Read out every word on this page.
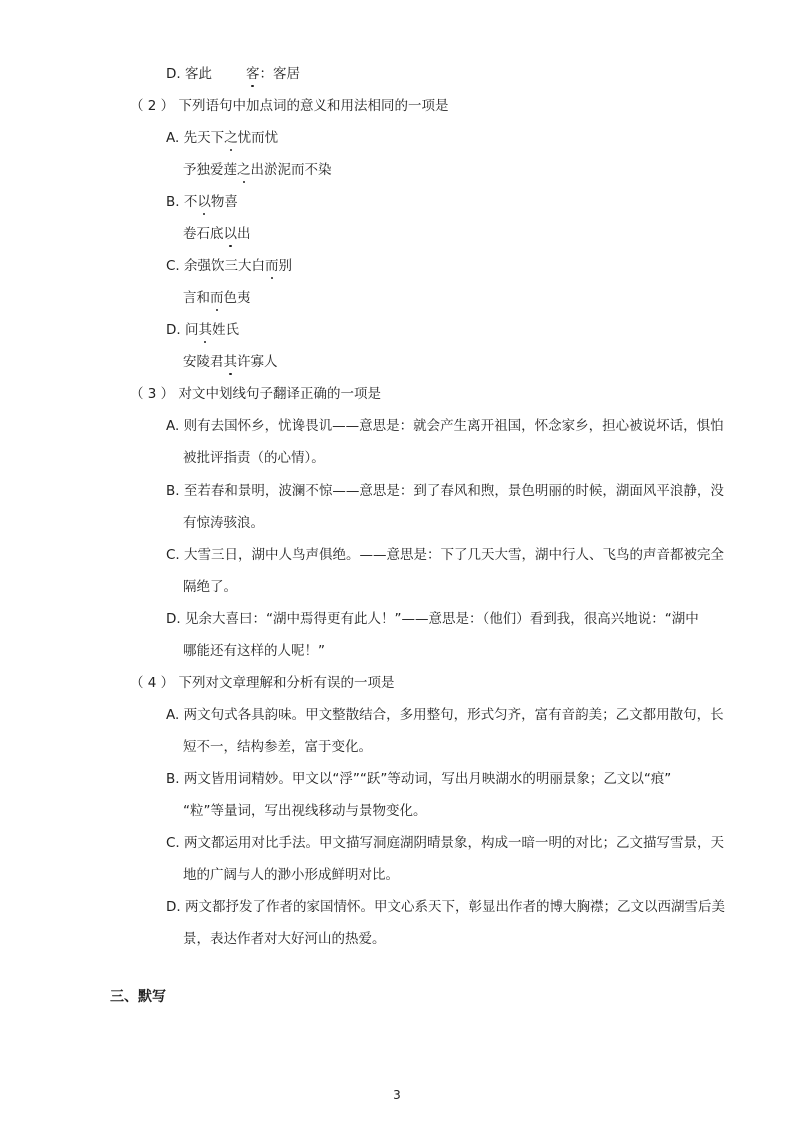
D. 客此	客：客居
（ 2 ） 下列语句中加点词的意义和用法相同的一项是
A. 先天下之忧而忧
予独爱莲之出淤泥而不染
B. 不以物喜
卷石底以出
C. 余强饮三大白而别
言和而色夷
D. 问其姓氏
安陵君其许寡人
（ 3 ） 对文中划线句子翻译正确的一项是
A. 则有去国怀乡，忧谗畏讥——意思是：就会产生离开祖国，怀念家乡，担心被说坏话，惧怕
被批评指责（的心情）。
B. 至若春和景明，波澜不惊——意思是：到了春风和煦，景色明丽的时候，湖面风平浪静，没
有惊涛骇浪。
C. 大雪三日，湖中人鸟声俱绝。——意思是：下了几天大雪，湖中行人、飞鸟的声音都被完全
隔绝了。
D. 见余大喜曰：“湖中焉得更有此人！”——意思是：（他们）看到我，很高兴地说：“湖中
哪能还有这样的人呢！”
（ 4 ） 下列对文章理解和分析有误的一项是
A. 两文句式各具韵味。甲文整散结合，多用整句，形式匀齐，富有音韵美；乙文都用散句，长
短不一，结构参差，富于变化。
B. 两文皆用词精妙。甲文以“浮”“跃”等动词，写出月映湖水的明丽景象；乙文以“痕”
“粒”等量词，写出视线移动与景物变化。
C. 两文都运用对比手法。甲文描写洞庭湖阴晴景象，构成一暗一明的对比；乙文描写雪景，天
地的广阔与人的渺小形成鲜明对比。
D. 两文都抒发了作者的家国情怀。甲文心系天下，彰显出作者的博大胸襟；乙文以西湖雪后美
景，表达作者对大好河山的热爱。
三、默写
3
